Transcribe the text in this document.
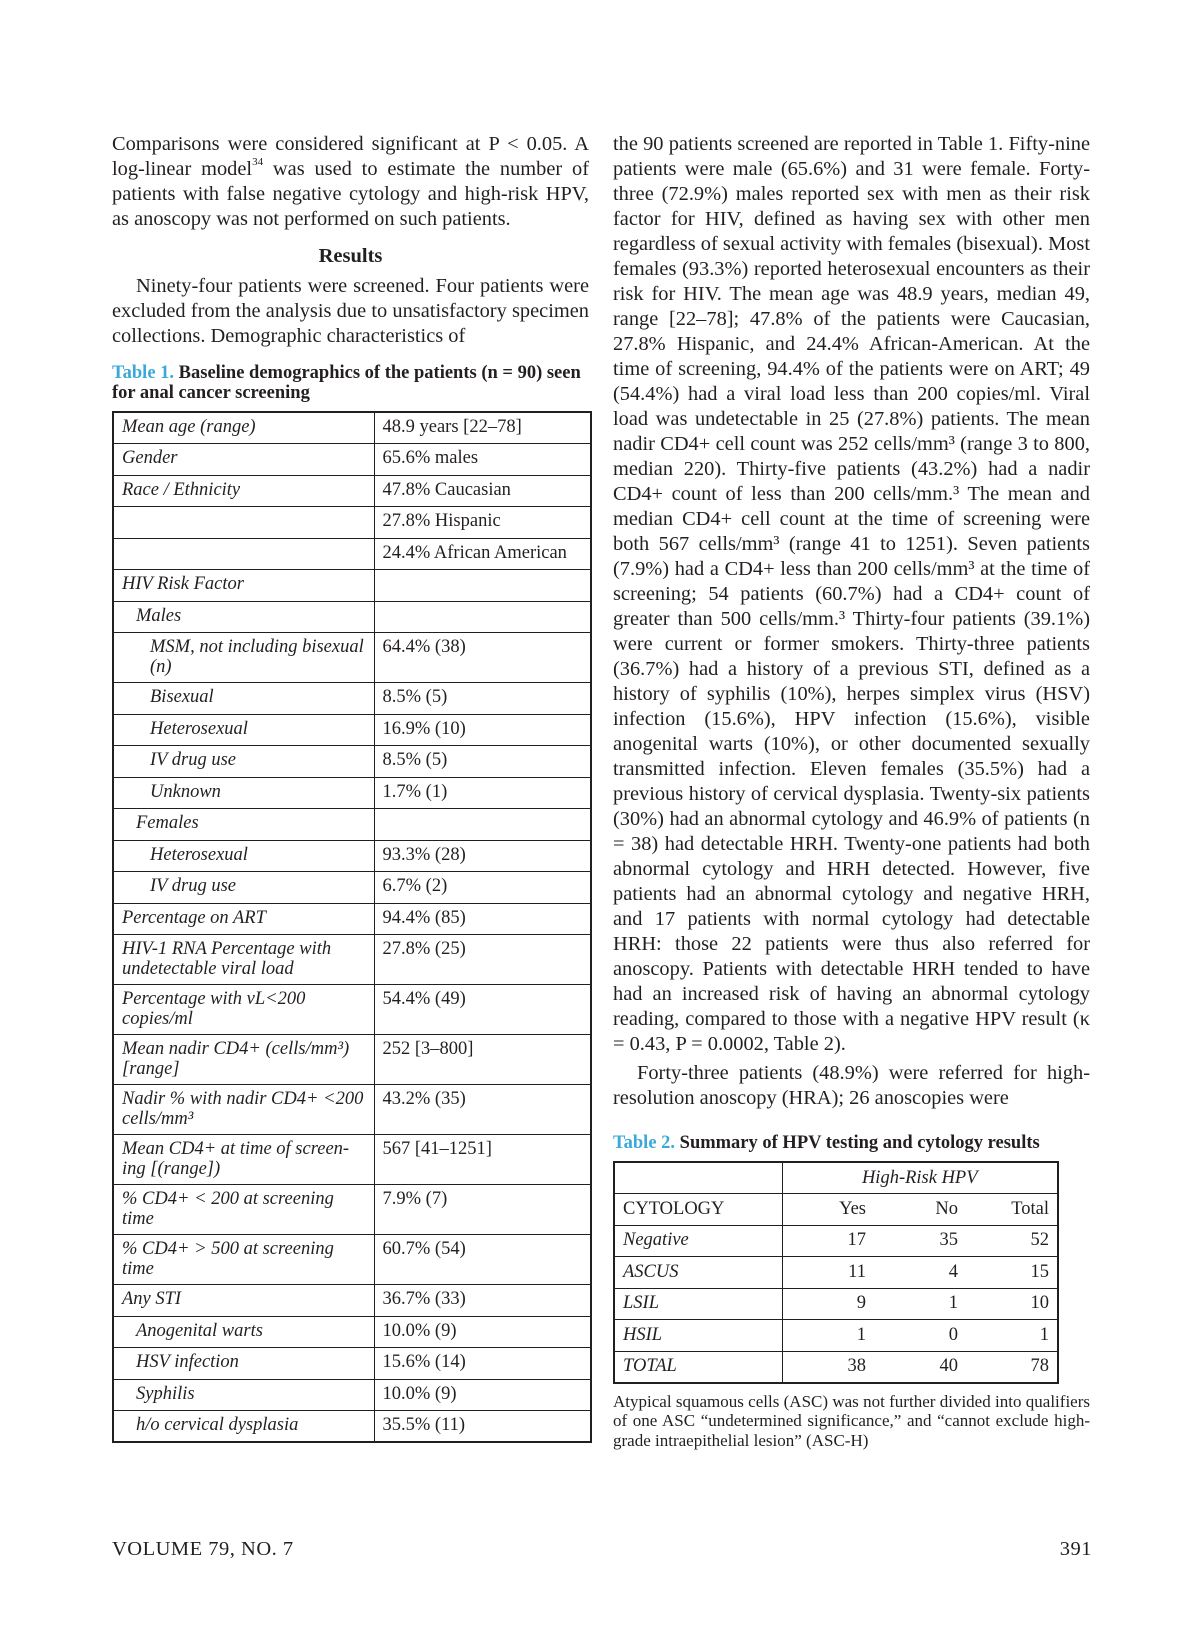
Comparisons were considered significant at P < 0.05. A log-linear model$^{34}$ was used to estimate the number of patients with false negative cytology and high-risk HPV, as anoscopy was not performed on such patients.

Results

Ninety-four patients were screened. Four patients were excluded from the analysis due to unsatisfactory specimen collections. Demographic characteristics of

Table 1. Baseline demographics of the patients (n = 90) seen for anal cancer screening
Mean age (range)	48.9 years [22–78]
Gender	65.6% males
Race / Ethnicity	47.8% Caucasian
	27.8% Hispanic
	24.4% African American
HIV Risk Factor	
Males	
MSM, not including bisexual (n)	64.4% (38)
Bisexual	8.5% (5)
Heterosexual	16.9% (10)
IV drug use	8.5% (5)
Unknown	1.7% (1)
Females	
Heterosexual	93.3% (28)
IV drug use	6.7% (2)
Percentage on ART	94.4% (85)
HIV-1 RNA Percentage with undetectable viral load	27.8% (25)
Percentage with vL<200 copies/ml	54.4% (49)
Mean nadir CD4+ (cells/mm³) [range]	252 [3–800]
Nadir % with nadir CD4+ <200 cells/mm³	43.2% (35)
Mean CD4+ at time of screen-ing [(range])	567 [41–1251]
% CD4+ < 200 at screening time	7.9% (7)
% CD4+ > 500 at screening time	60.7% (54)
Any STI	36.7% (33)
Anogenital warts	10.0% (9)
HSV infection	15.6% (14)
Syphilis	10.0% (9)
h/o cervical dysplasia	35.5% (11)

the 90 patients screened are reported in Table 1. Fifty-nine patients were male (65.6%) and 31 were female. Forty-three (72.9%) males reported sex with men as their risk factor for HIV, defined as having sex with other men regardless of sexual activity with females (bisexual). Most females (93.3%) reported heterosexual encounters as their risk for HIV. The mean age was 48.9 years, median 49, range [22–78]; 47.8% of the patients were Caucasian, 27.8% Hispanic, and 24.4% African-American. At the time of screening, 94.4% of the patients were on ART; 49 (54.4%) had a viral load less than 200 copies/ml. Viral load was undetectable in 25 (27.8%) patients. The mean nadir CD4+ cell count was 252 cells/mm³ (range 3 to 800, median 220). Thirty-five patients (43.2%) had a nadir CD4+ count of less than 200 cells/mm.³ The mean and median CD4+ cell count at the time of screening were both 567 cells/mm³ (range 41 to 1251). Seven patients (7.9%) had a CD4+ less than 200 cells/mm³ at the time of screening; 54 patients (60.7%) had a CD4+ count of greater than 500 cells/mm.³ Thirty-four patients (39.1%) were current or former smokers. Thirty-three patients (36.7%) had a history of a previous STI, defined as a history of syphilis (10%), herpes simplex virus (HSV) infection (15.6%), HPV infection (15.6%), visible anogenital warts (10%), or other documented sexually transmitted infection. Eleven females (35.5%) had a previous history of cervical dysplasia. Twenty-six patients (30%) had an abnormal cytology and 46.9% of patients (n = 38) had detectable HRH. Twenty-one patients had both abnormal cytology and HRH detected. However, five patients had an abnormal cytology and negative HRH, and 17 patients with normal cytology had detectable HRH: those 22 patients were thus also referred for anoscopy. Patients with detectable HRH tended to have had an increased risk of having an abnormal cytology reading, compared to those with a negative HPV result (κ = 0.43, P = 0.0002, Table 2).

Forty-three patients (48.9%) were referred for high-resolution anoscopy (HRA); 26 anoscopies were

Table 2. Summary of HPV testing and cytology results
	High-Risk HPV		
CYTOLOGY	Yes	No	Total
Negative	17	35	52
ASCUS	11	4	15
LSIL	9	1	10
HSIL	1	0	1
TOTAL	38	40	78

Atypical squamous cells (ASC) was not further divided into qualifiers of one ASC “undetermined significance,” and “cannot exclude high-grade intraepithelial lesion” (ASC-H)

VOLUME 79, NO. 7	391
